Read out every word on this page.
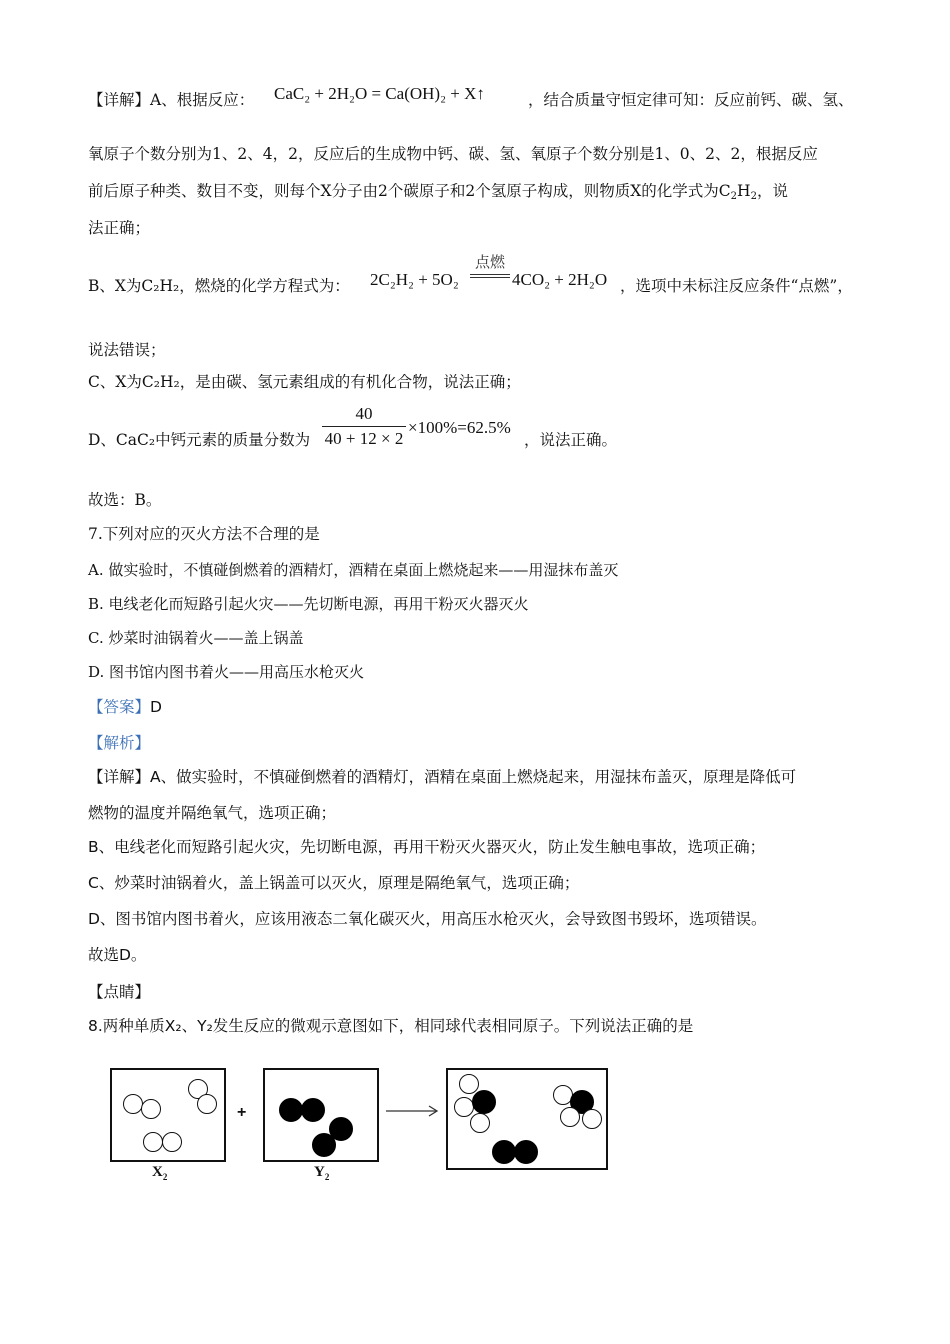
【详解】A、根据反应： CaC₂ + 2H₂O = Ca(OH)₂ + X↑	，结合质量守恒定律可知：反应前钙、碳、氢、
氧原子个数分别为1、2、4，2，反应后的生成物中钙、碳、氢、氧原子个数分别是1、0、2、2，根据反应
前后原子种类、数目不变，则每个X分子由2个碳原子和2个氢原子构成，则物质X的化学式为C2H2，说
法正确；
B、X为C₂H₂，燃烧的化学方程式为： 2C₂H₂ + 5O₂
点燃
4CO₂ + 2H₂O ，选项中未标注反应条件“点燃”，
说法错误；
C、X为C₂H₂，是由碳、氢元素组成的有机化合物，说法正确；
D、CaC₂中钙元素的质量分数为
40
40 + 12 × 2
×100%=62.5%
，说法正确。
故选：B。
7.下列对应的灭火方法不合理的是
A. 做实验时，不慎碰倒燃着的酒精灯，酒精在桌面上燃烧起来——用湿抹布盖灭
B. 电线老化而短路引起火灾——先切断电源，再用干粉灭火器灭火
C. 炒菜时油锅着火——盖上锅盖
D. 图书馆内图书着火——用高压水枪灭火
【答案】D
【解析】
【详解】A、做实验时，不慎碰倒燃着的酒精灯，酒精在桌面上燃烧起来，用湿抹布盖灭，原理是降低可
燃物的温度并隔绝氧气，选项正确；
B、电线老化而短路引起火灾，先切断电源，再用干粉灭火器灭火，防止发生触电事故，选项正确；
C、炒菜时油锅着火，盖上锅盖可以灭火，原理是隔绝氧气，选项正确；
D、图书馆内图书着火，应该用液态二氧化碳灭火，用高压水枪灭火，会导致图书毁坏，选项错误。
故选D。
【点睛】
8.两种单质X₂、Y₂发生反应的微观示意图如下，相同球代表相同原子。下列说法正确的是
$X_2$
+
$Y_2$
